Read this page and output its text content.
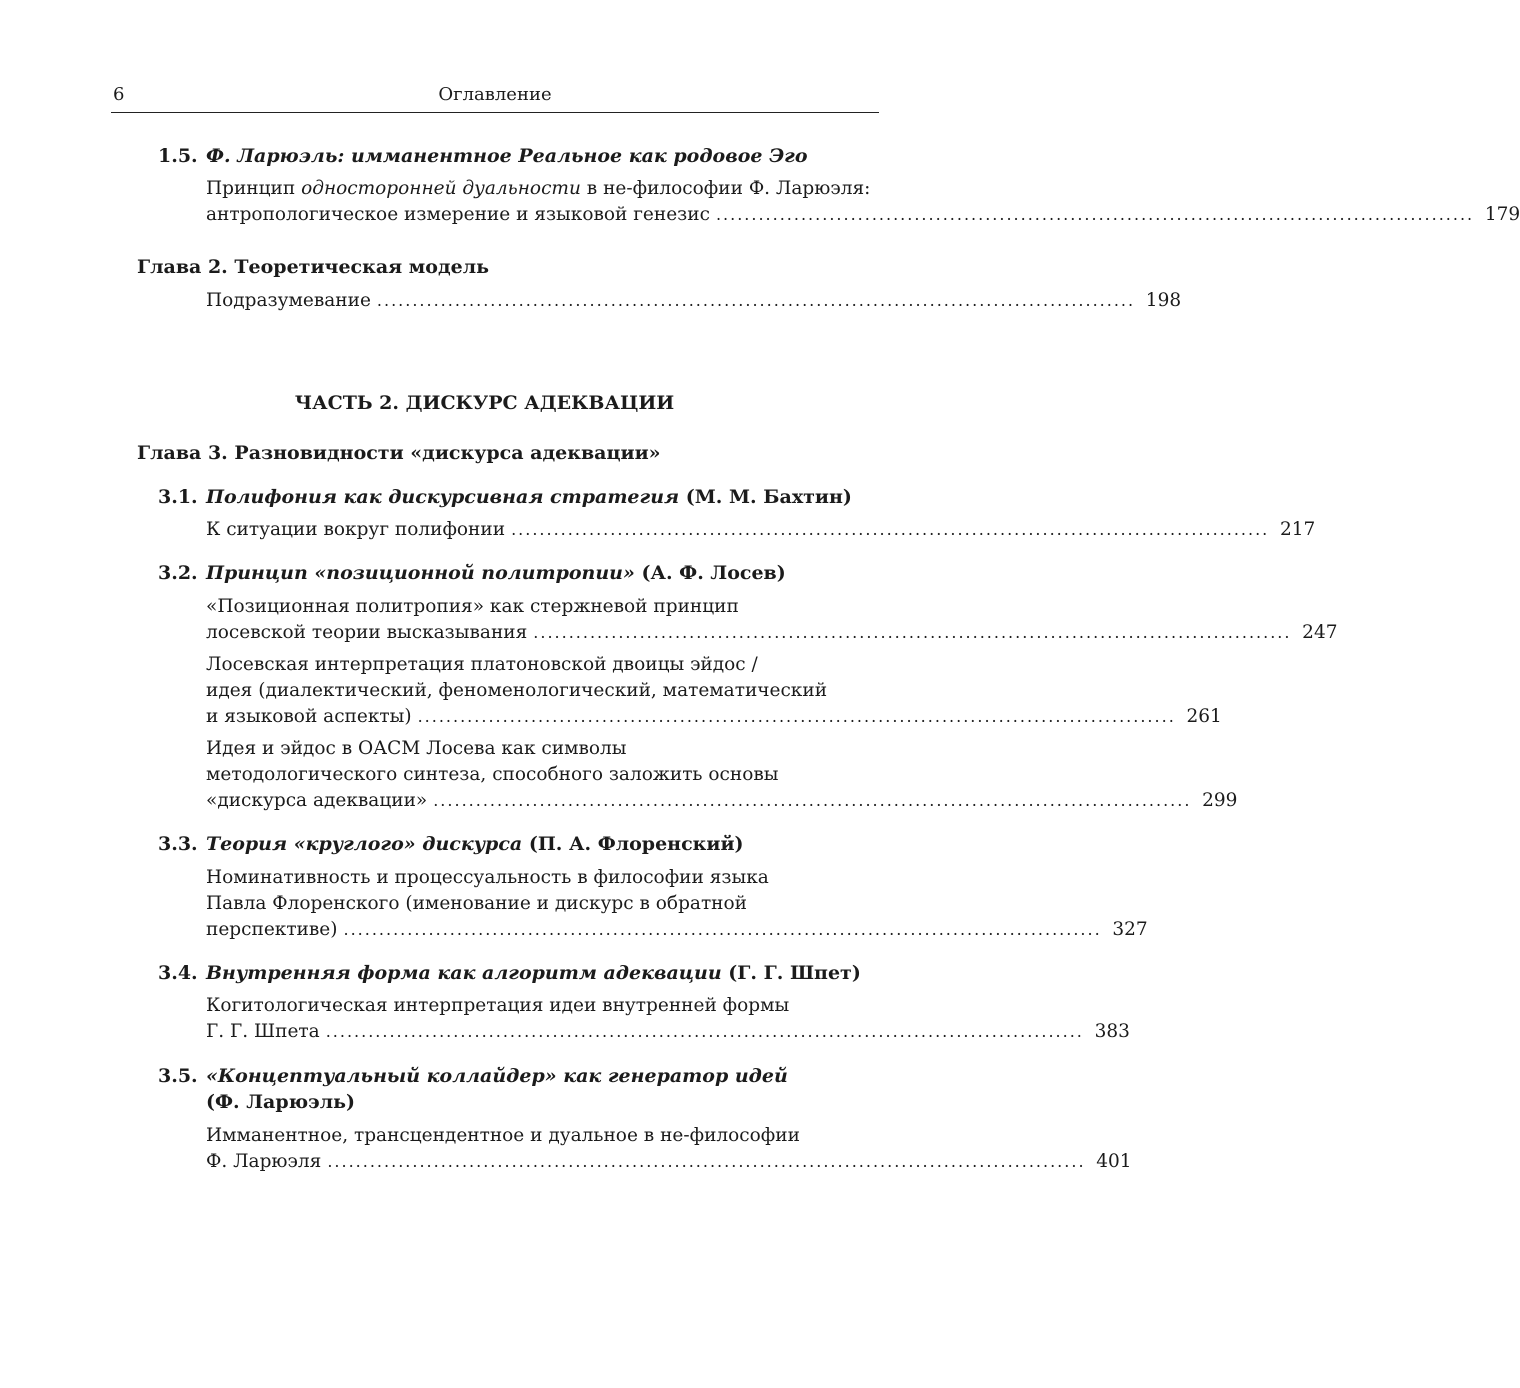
6	Оглавление
1.5. Ф. Ларюэль: имманентное Реальное как родовое Эго
Принцип односторонней дуальности в не-философии Ф. Ларюэля:
антропологическое измерение и языковой генезис ........................................................................................................... 179
Глава 2. Теоретическая модель
Подразумевание ........................................................................................................... 198
ЧАСТЬ 2. ДИСКУРС АДЕКВАЦИИ
Глава 3. Разновидности «дискурса адеквации»
3.1. Полифония как дискурсивная стратегия (М. М. Бахтин)
К ситуации вокруг полифонии ........................................................................................................... 217
3.2. Принцип «позиционной политропии» (А. Ф. Лосев)
«Позиционная политропия» как стержневой принцип
лосевской теории высказывания ........................................................................................................... 247
Лосевская интерпретация платоновской двоицы эйдос /
идея (диалектический, феноменологический, математический
и языковой аспекты) ........................................................................................................... 261
Идея и эйдос в ОАСМ Лосева как символы
методологического синтеза, способного заложить основы
«дискурса адеквации» ........................................................................................................... 299
3.3. Теория «круглого» дискурса (П. А. Флоренский)
Номинативность и процессуальность в философии языка
Павла Флоренского (именование и дискурс в обратной
перспективе) ........................................................................................................... 327
3.4. Внутренняя форма как алгоритм адеквации (Г. Г. Шпет)
Когитологическая интерпретация идеи внутренней формы
Г. Г. Шпета ........................................................................................................... 383
3.5. «Концептуальный коллайдер» как генератор идей
(Ф. Ларюэль)
Имманентное, трансцендентное и дуальное в не-философии
Ф. Ларюэля ........................................................................................................... 401
